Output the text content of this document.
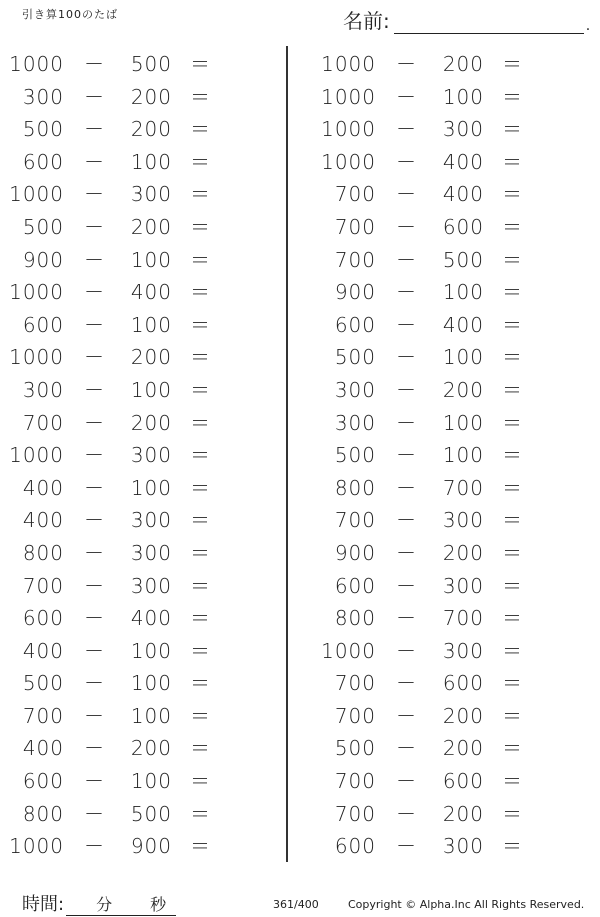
引き算100のたば	名前:	.
1000 －	500 ＝
300 －	200 ＝
500 －	200 ＝
600 －	100 ＝
1000 －	300 ＝
500 －	200 ＝
900 －	100 ＝
1000 －	400 ＝
600 －	100 ＝
1000 －	200 ＝
300 －	100 ＝
700 －	200 ＝
1000 －	300 ＝
400 －	100 ＝
400 －	300 ＝
800 －	300 ＝
700 －	300 ＝
600 －	400 ＝
400 －	100 ＝
500 －	100 ＝
700 －	100 ＝
400 －	200 ＝
600 －	100 ＝
800 －	500 ＝
1000 －	900 ＝
1000 －	200 ＝
1000 －	100 ＝
1000 －	300 ＝
1000 －	400 ＝
700 －	400 ＝
700 －	600 ＝
700 －	500 ＝
900 －	100 ＝
600 －	400 ＝
500 －	100 ＝
300 －	200 ＝
300 －	100 ＝
500 －	100 ＝
800 －	700 ＝
700 －	300 ＝
900 －	200 ＝
600 －	300 ＝
800 －	700 ＝
1000 －	300 ＝
700 －	600 ＝
700 －	200 ＝
500 －	200 ＝
700 －	600 ＝
700 －	200 ＝
600 －	300 ＝
時間: 分 秒	361/400	Copyright © Alpha.Inc All Rights Reserved.
